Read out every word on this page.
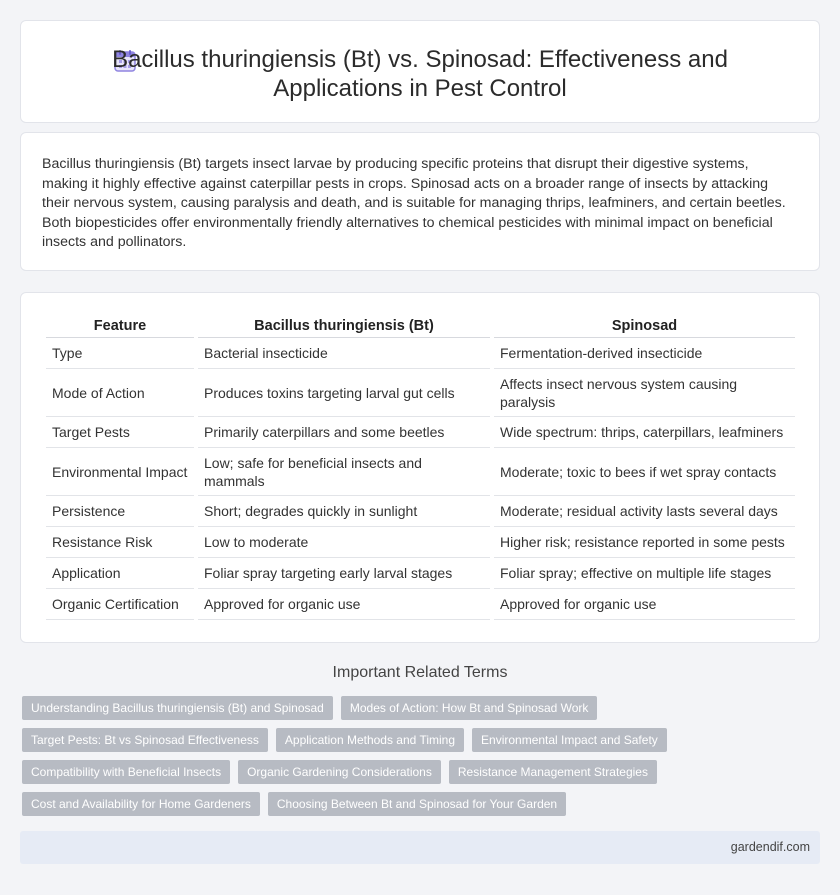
Bacillus thuringiensis (Bt) vs. Spinosad: Effectiveness and Applications in Pest Control

Bacillus thuringiensis (Bt) targets insect larvae by producing specific proteins that disrupt their digestive systems, making it highly effective against caterpillar pests in crops. Spinosad acts on a broader range of insects by attacking their nervous system, causing paralysis and death, and is suitable for managing thrips, leafminers, and certain beetles. Both biopesticides offer environmentally friendly alternatives to chemical pesticides with minimal impact on beneficial insects and pollinators.

Feature	Bacillus thuringiensis (Bt)	Spinosad
Type	Bacterial insecticide	Fermentation-derived insecticide
Mode of Action	Produces toxins targeting larval gut cells	Affects insect nervous system causing paralysis
Target Pests	Primarily caterpillars and some beetles	Wide spectrum: thrips, caterpillars, leafminers
Environmental Impact	Low; safe for beneficial insects and mammals	Moderate; toxic to bees if wet spray contacts
Persistence	Short; degrades quickly in sunlight	Moderate; residual activity lasts several days
Resistance Risk	Low to moderate	Higher risk; resistance reported in some pests
Application	Foliar spray targeting early larval stages	Foliar spray; effective on multiple life stages
Organic Certification	Approved for organic use	Approved for organic use
Important Related Terms
Understanding Bacillus thuringiensis (Bt) and Spinosad	Modes of Action: How Bt and Spinosad Work
Target Pests: Bt vs Spinosad Effectiveness	Application Methods and Timing	Environmental Impact and Safety
Compatibility with Beneficial Insects	Organic Gardening Considerations	Resistance Management Strategies
Cost and Availability for Home Gardeners	Choosing Between Bt and Spinosad for Your Garden
gardendif.com
